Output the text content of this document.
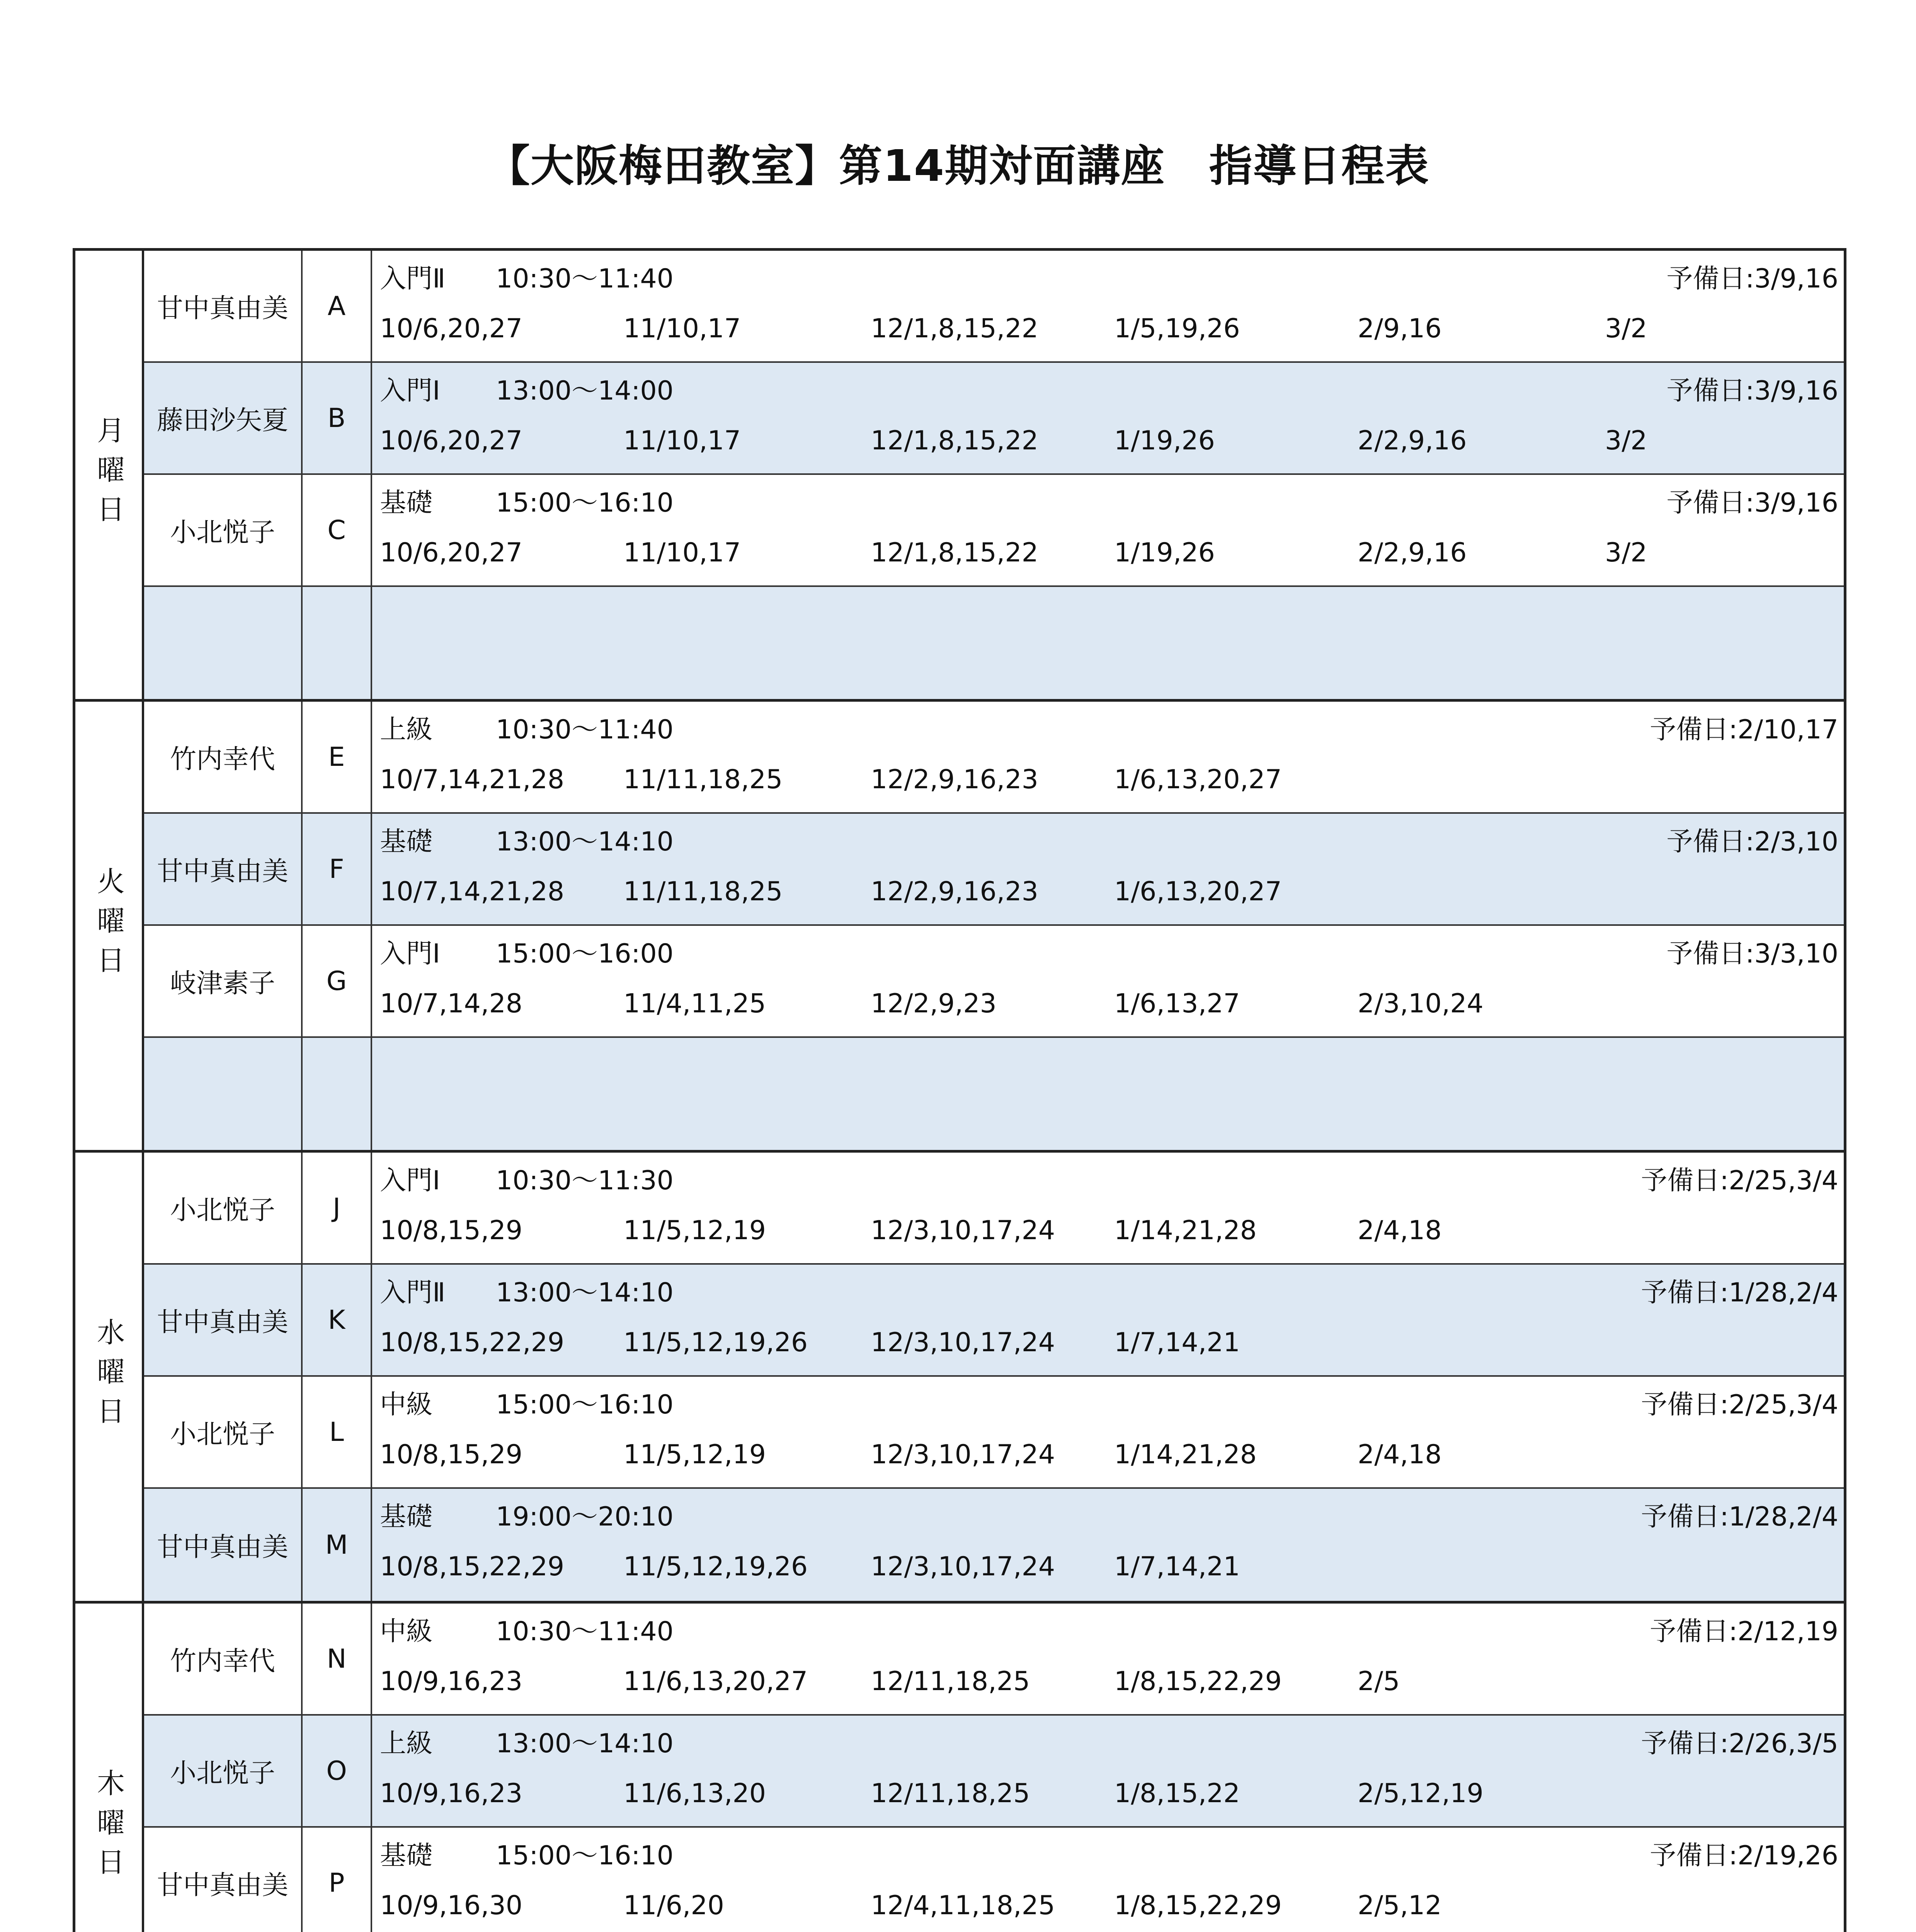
【大阪梅田教室】第14期対面講座　指導日程表
月曜日
甘中真由美	A
入門Ⅱ 10:30〜11:40	予備日:3/9,16
10/6,20,27	11/10,17	12/1,8,15,22	1/5,19,26	2/9,16	3/2
藤田沙矢夏	B
入門Ⅰ 13:00〜14:00	予備日:3/9,16
10/6,20,27	11/10,17	12/1,8,15,22	1/19,26	2/2,9,16	3/2
小北悦子	C
基礎 15:00〜16:10	予備日:3/9,16
10/6,20,27	11/10,17	12/1,8,15,22	1/19,26	2/2,9,16	3/2
火曜日
竹内幸代	E
上級 10:30〜11:40	予備日:2/10,17
10/7,14,21,28 11/11,18,25	12/2,9,16,23	1/6,13,20,27
甘中真由美	F
基礎 13:00〜14:10	予備日:2/3,10
10/7,14,21,28 11/11,18,25	12/2,9,16,23	1/6,13,20,27
岐津素子	G
入門Ⅰ 15:00〜16:00	予備日:3/3,10
10/7,14,28	11/4,11,25	12/2,9,23	1/6,13,27	2/3,10,24
水曜日
小北悦子	J
入門Ⅰ 10:30〜11:30	予備日:2/25,3/4
10/8,15,29	11/5,12,19	12/3,10,17,24 1/14,21,28	2/4,18
甘中真由美	K
入門Ⅱ 13:00〜14:10	予備日:1/28,2/4
10/8,15,22,29 11/5,12,19,26 12/3,10,17,24 1/7,14,21
小北悦子	L
中級 15:00〜16:10	予備日:2/25,3/4
10/8,15,29	11/5,12,19	12/3,10,17,24 1/14,21,28	2/4,18
甘中真由美	M
基礎 19:00〜20:10	予備日:1/28,2/4
10/8,15,22,29 11/5,12,19,26 12/3,10,17,24 1/7,14,21
木曜日
竹内幸代	N
中級 10:30〜11:40	予備日:2/12,19
10/9,16,23	11/6,13,20,27 12/11,18,25	1/8,15,22,29	2/5
小北悦子	O
上級 13:00〜14:10	予備日:2/26,3/5
10/9,16,23	11/6,13,20	12/11,18,25	1/8,15,22	2/5,12,19
甘中真由美	P
基礎 15:00〜16:10	予備日:2/19,26
10/9,16,30	11/6,20	12/4,11,18,25 1/8,15,22,29	2/5,12
